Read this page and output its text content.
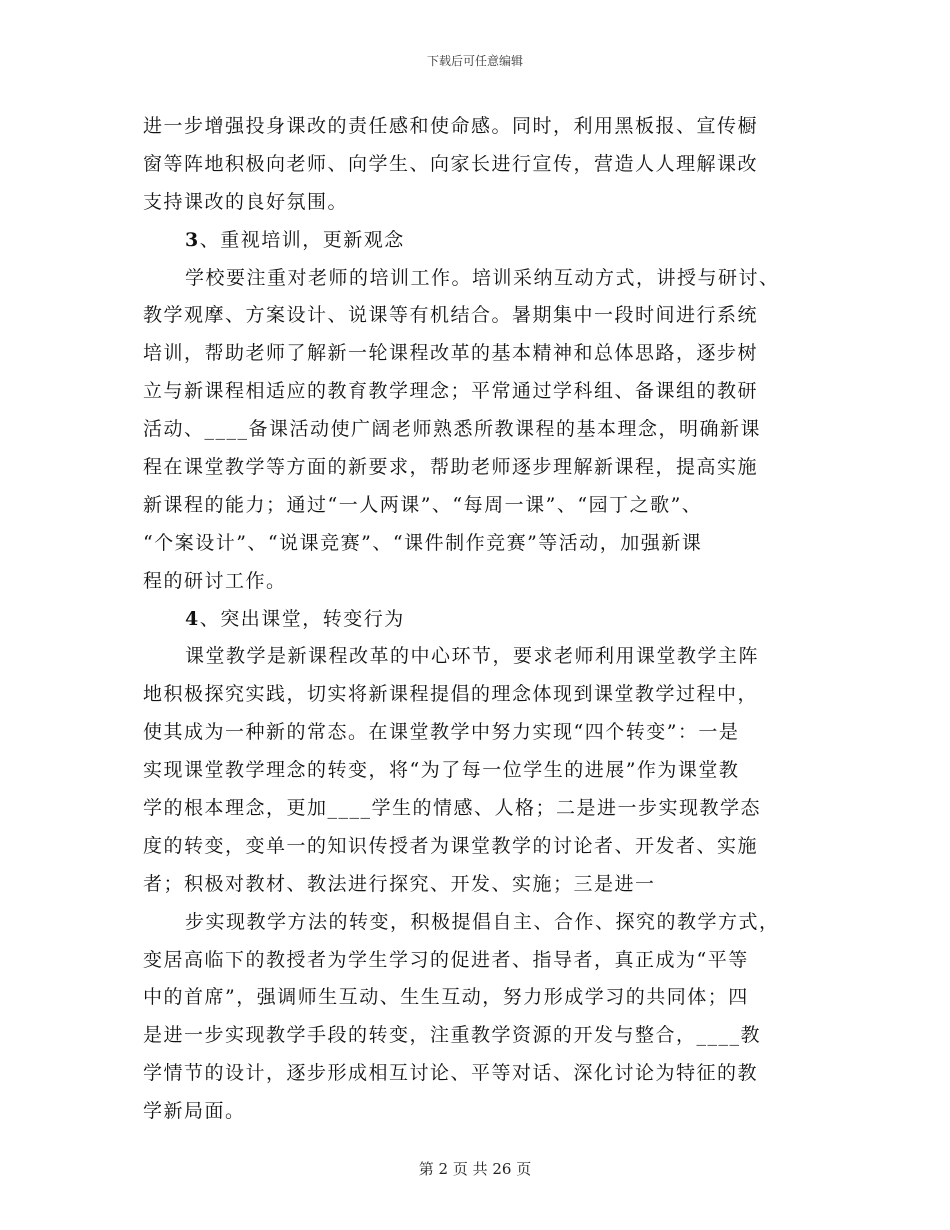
下载后可任意编辑
进一步增强投身课改的责任感和使命感。同时，利用黑板报、宣传橱
窗等阵地积极向老师、向学生、向家长进行宣传，营造人人理解课改
支持课改的良好氛围。
3、重视培训，更新观念
学校要注重对老师的培训工作。培训采纳互动方式，讲授与研讨、
教学观摩、方案设计、说课等有机结合。暑期集中一段时间进行系统
培训，帮助老师了解新一轮课程改革的基本精神和总体思路，逐步树
立与新课程相适应的教育教学理念；平常通过学科组、备课组的教研
活动、____备课活动使广阔老师熟悉所教课程的基本理念，明确新课
程在课堂教学等方面的新要求，帮助老师逐步理解新课程，提高实施
新课程的能力；通过“一人两课”、“每周一课”、“园丁之歌”、
“个案设计”、“说课竞赛”、“课件制作竞赛”等活动，加强新课
程的研讨工作。
4、突出课堂，转变行为
课堂教学是新课程改革的中心环节，要求老师利用课堂教学主阵
地积极探究实践，切实将新课程提倡的理念体现到课堂教学过程中，
使其成为一种新的常态。在课堂教学中努力实现“四个转变”：一是
实现课堂教学理念的转变，将“为了每一位学生的进展”作为课堂教
学的根本理念，更加____学生的情感、人格；二是进一步实现教学态
度的转变，变单一的知识传授者为课堂教学的讨论者、开发者、实施
者；积极对教材、教法进行探究、开发、实施；三是进一
步实现教学方法的转变，积极提倡自主、合作、探究的教学方式，
变居高临下的教授者为学生学习的促进者、指导者，真正成为“平等
中的首席”，强调师生互动、生生互动，努力形成学习的共同体；四
是进一步实现教学手段的转变，注重教学资源的开发与整合，____教
学情节的设计，逐步形成相互讨论、平等对话、深化讨论为特征的教
学新局面。
第 2 页 共 26 页
